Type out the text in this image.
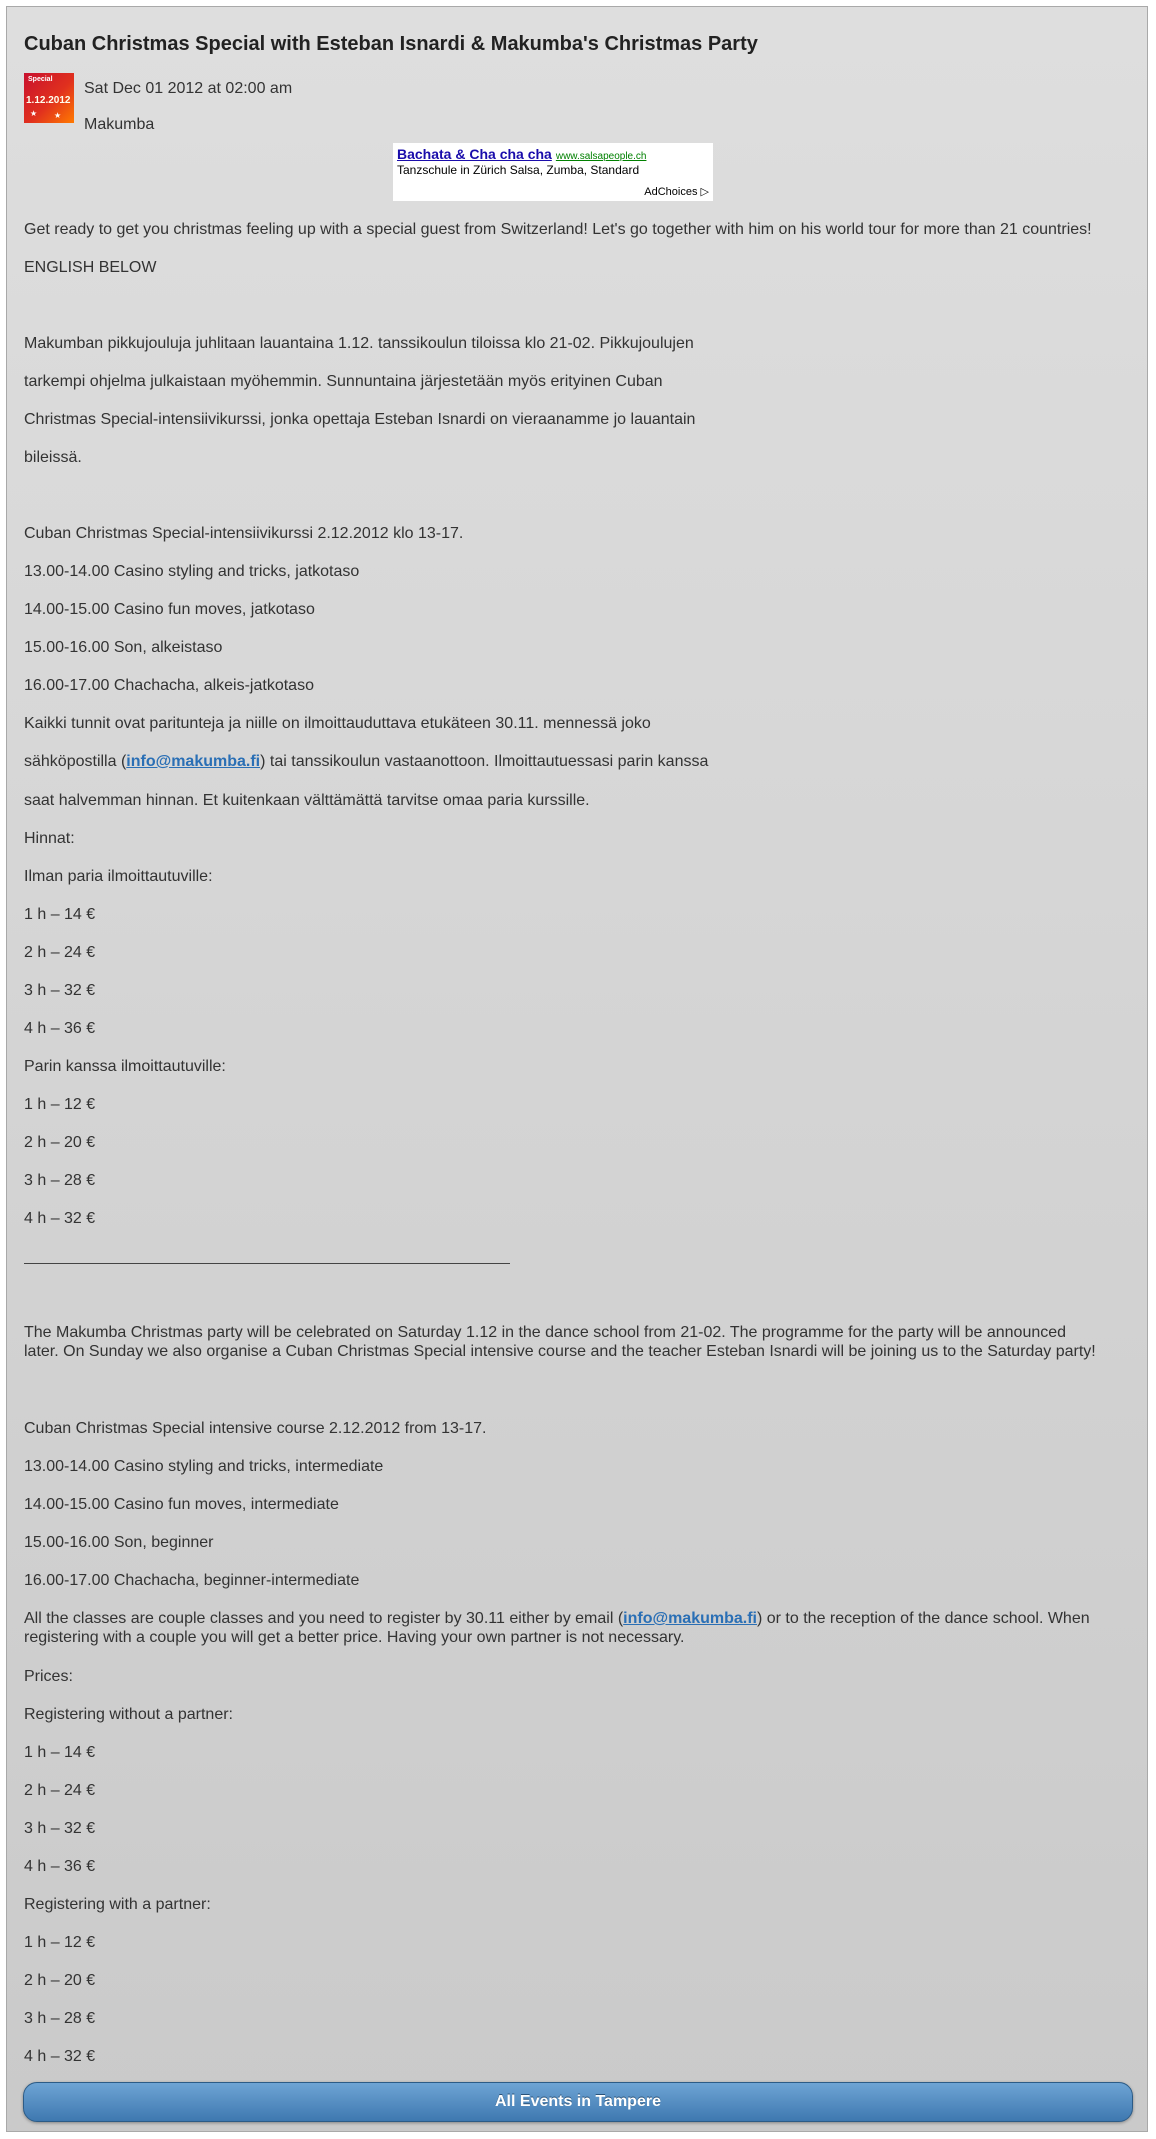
Cuban Christmas Special with Esteban Isnardi & Makumba's Christmas Party
Special
1.12.2012
★ ★
Sat Dec 01 2012 at 02:00 am
Makumba
Bachata & Cha cha cha www.salsapeople.ch
Tanzschule in Zürich Salsa, Zumba, Standard
AdChoices ▷
Get ready to get you christmas feeling up with a special guest from Switzerland! Let's go together with him on his world tour for more than 21 countries!
ENGLISH BELOW
Makumban pikkujouluja juhlitaan lauantaina 1.12. tanssikoulun tiloissa klo 21-02. Pikkujoulujen
tarkempi ohjelma julkaistaan myöhemmin. Sunnuntaina järjestetään myös erityinen Cuban
Christmas Special-intensiivikurssi, jonka opettaja Esteban Isnardi on vieraanamme jo lauantain
bileissä.
Cuban Christmas Special-intensiivikurssi 2.12.2012 klo 13-17.
13.00-14.00 Casino styling and tricks, jatkotaso
14.00-15.00 Casino fun moves, jatkotaso
15.00-16.00 Son, alkeistaso
16.00-17.00 Chachacha, alkeis-jatkotaso
Kaikki tunnit ovat paritunteja ja niille on ilmoittauduttava etukäteen 30.11. mennessä joko
sähköpostilla (info@makumba.fi) tai tanssikoulun vastaanottoon. Ilmoittautuessasi parin kanssa
saat halvemman hinnan. Et kuitenkaan välttämättä tarvitse omaa paria kurssille.
Hinnat:
Ilman paria ilmoittautuville:
1 h – 14 €
2 h – 24 €
3 h – 32 €
4 h – 36 €
Parin kanssa ilmoittautuville:
1 h – 12 €
2 h – 20 €
3 h – 28 €
4 h – 32 €
The Makumba Christmas party will be celebrated on Saturday 1.12 in the dance school from 21-02. The programme for the party will be announced later. On Sunday we also organise a Cuban Christmas Special intensive course and the teacher Esteban Isnardi will be joining us to the Saturday party!
Cuban Christmas Special intensive course 2.12.2012 from 13-17.
13.00-14.00 Casino styling and tricks, intermediate
14.00-15.00 Casino fun moves, intermediate
15.00-16.00 Son, beginner
16.00-17.00 Chachacha, beginner-intermediate
All the classes are couple classes and you need to register by 30.11 either by email (info@makumba.fi) or to the reception of the dance school. When registering with a couple you will get a better price. Having your own partner is not necessary.
Prices:
Registering without a partner:
1 h – 14 €
2 h – 24 €
3 h – 32 €
4 h – 36 €
Registering with a partner:
1 h – 12 €
2 h – 20 €
3 h – 28 €
4 h – 32 €
All Events in Tampere
